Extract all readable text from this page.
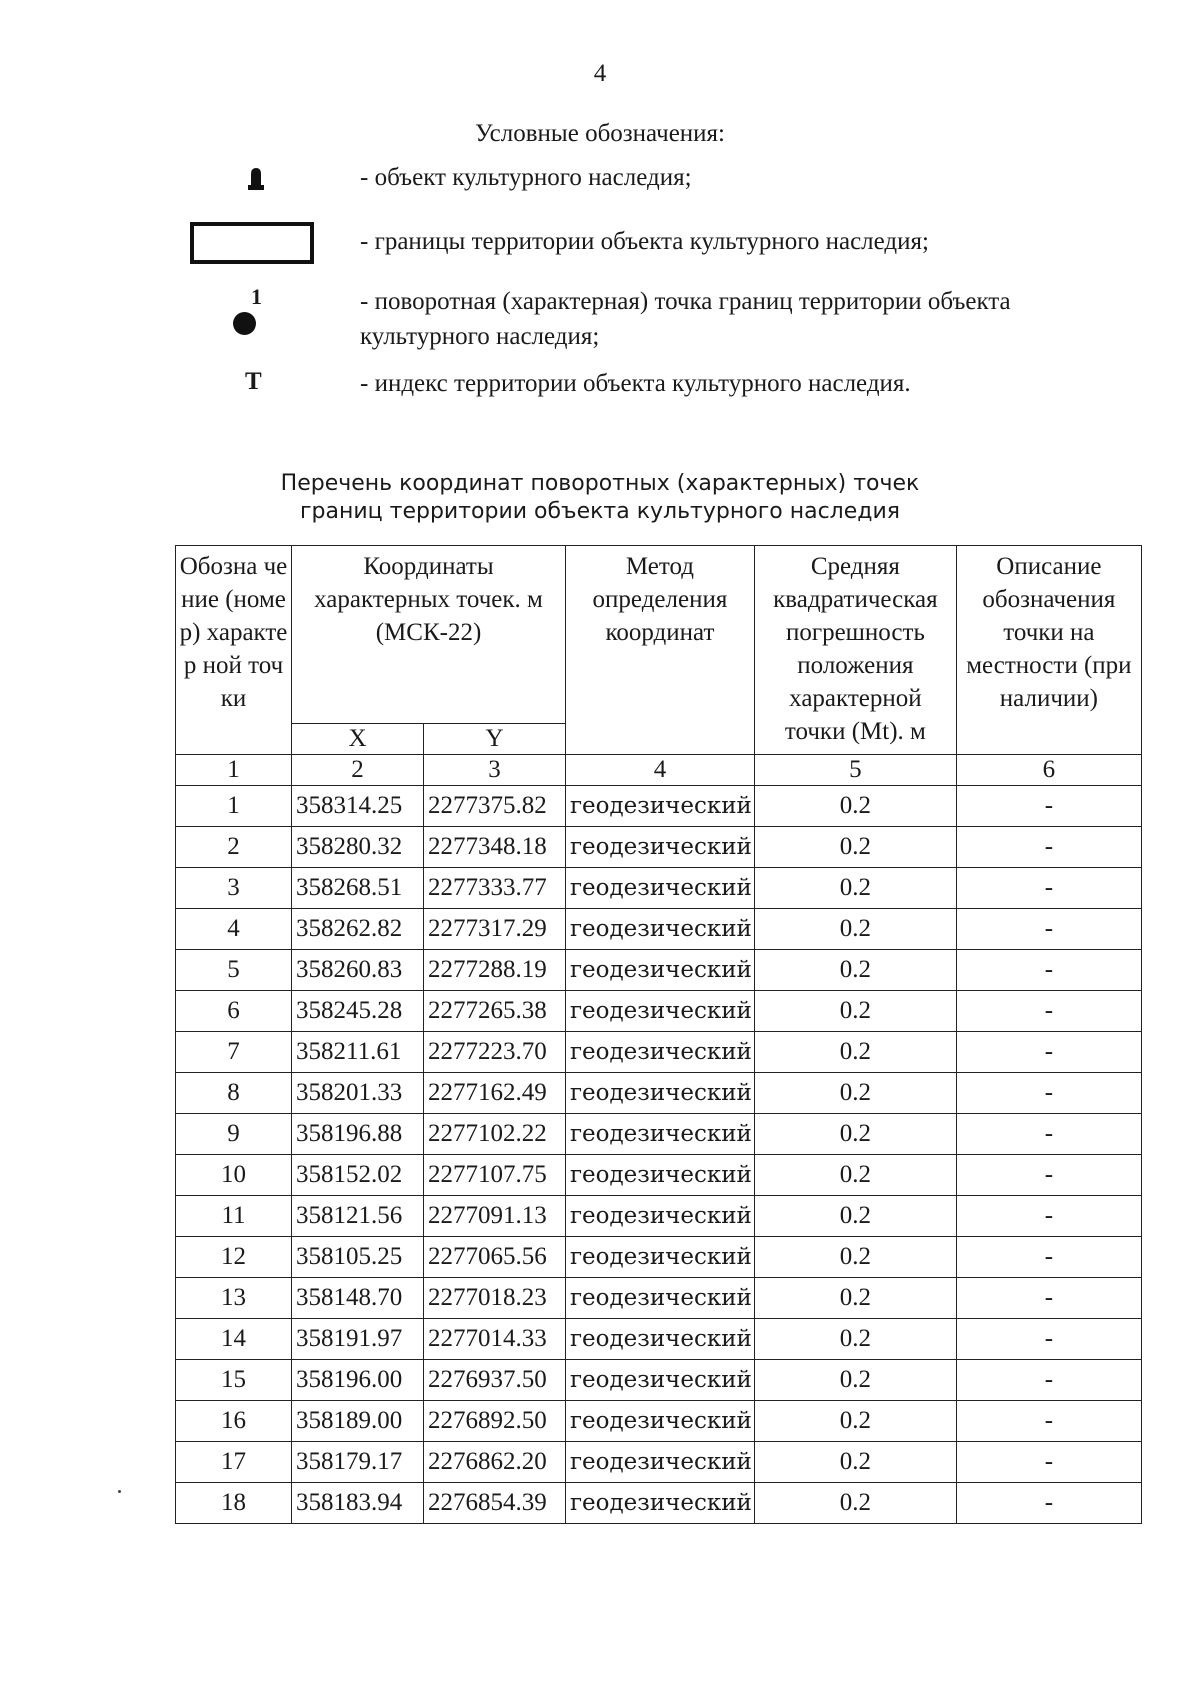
4
Условные обозначения:
- объект культурного наследия;
- границы территории объекта культурного наследия;
1	- поворотная (характерная) точка границ территории объекта культурного наследия;
Т	- индекс территории объекта культурного наследия.
Перечень координат поворотных (характерных) точек
границ территории объекта культурного наследия
Обозна чение (номер) характер ной точки	Координаты характерных точек. м (МСК-22)		Метод определения координат	Средняя квадратическая погрешность положения характерной точки (Mt). м	Описание обозначения точки на местности (при наличии)
	X	Y			
1	2	3	4	5	6
1	358314.25	2277375.82	геодезический	0.2	-
2	358280.32	2277348.18	геодезический	0.2	-
3	358268.51	2277333.77	геодезический	0.2	-
4	358262.82	2277317.29	геодезический	0.2	-
5	358260.83	2277288.19	геодезический	0.2	-
6	358245.28	2277265.38	геодезический	0.2	-
7	358211.61	2277223.70	геодезический	0.2	-
8	358201.33	2277162.49	геодезический	0.2	-
9	358196.88	2277102.22	геодезический	0.2	-
10	358152.02	2277107.75	геодезический	0.2	-
11	358121.56	2277091.13	геодезический	0.2	-
12	358105.25	2277065.56	геодезический	0.2	-
13	358148.70	2277018.23	геодезический	0.2	-
14	358191.97	2277014.33	геодезический	0.2	-
15	358196.00	2276937.50	геодезический	0.2	-
16	358189.00	2276892.50	геодезический	0.2	-
17	358179.17	2276862.20	геодезический	0.2	-
18	358183.94	2276854.39	геодезический	0.2	-
